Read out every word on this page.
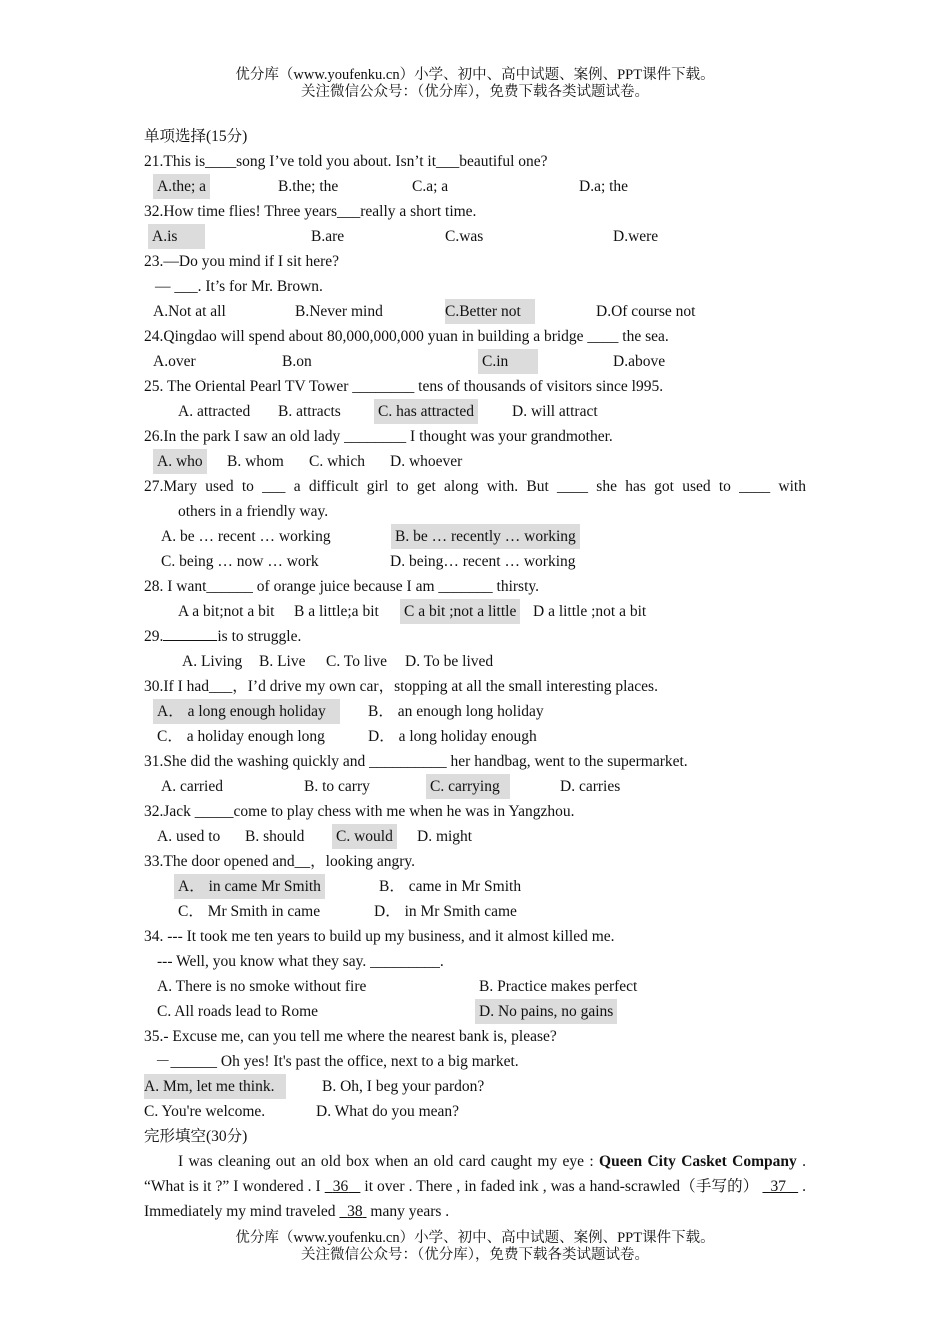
优分库（www.youfenku.cn）小学、初中、高中试题、案例、PPT课件下载。
关注微信公众号：（优分库），免费下载各类试题试卷。
单项选择(15分)
21.This is____song I’ve told you about. Isn’t it___beautiful one?
A.the; a	B.the; the	C.a; a	D.a; the
32.How time flies! Three years___really a short time.
A.is	B.are	C.was	D.were
23.—Do you mind if I sit here?
— ___. It’s for Mr. Brown.
A.Not at all	B.Never mind	C.Better not	D.Of course not
24.Qingdao will spend about 80,000,000,000 yuan in building a bridge ____ the sea.
A.over	B.on	C.in	D.above
25. The Oriental Pearl TV Tower ________ tens of thousands of visitors since l995.
A. attracted B. attracts C. has attracted D. will attract
26.In the park I saw an old lady ________ I thought was your grandmother.
A. who B. whom C. which D. whoever
27.Mary used to ___ a difficult girl to get along with. But ____ she has got used to ____ with
others in a friendly way.
A. be … recent … working	B. be … recently … working
C. being … now … work	D. being… recent … working
28. I want______ of orange juice because I am _______ thirsty.
A a bit;not a bit B a little;a bit C a bit ;not a little D a little ;not a bit
29.	is to struggle.
A. Living B. Live C. To live D. To be lived
30.If I had___，I’d drive my own car，stopping at all the small interesting places.
A． a long enough holiday	B． an enough long holiday
C． a holiday enough long	D． a long holiday enough
31.She did the washing quickly and __________ her handbag, went to the supermarket.
A. carried	B. to carry	C. carrying	D. carries
32.Jack _____come to play chess with me when he was in Yangzhou.
A. used to B. should C. would D. might
33.The door opened and__，looking angry.
A． in came Mr Smith	B． came in Mr Smith
C． Mr Smith in came	D． in Mr Smith came
34. --- It took me ten years to build up my business, and it almost killed me.
--- Well, you know what they say. _________.
A. There is no smoke without fire	B. Practice makes perfect
C. All roads lead to Rome	D. No pains, no gains
35.- Excuse me, can you tell me where the nearest bank is, please?
－______ Oh yes! It's past the office, next to a big market.
A. Mm, let me think.	B. Oh, I beg your pardon?
C. You're welcome.	D. What do you mean?
完形填空(30分)
I was cleaning out an old box when an old card caught my eye : Queen City Casket Company . “What is it ?” I wondered . I 36 it over . There , in faded ink , was a hand-scrawled（手写的） 37 . Immediately my mind traveled 38 many years .
优分库（www.youfenku.cn）小学、初中、高中试题、案例、PPT课件下载。
关注微信公众号：（优分库），免费下载各类试题试卷。
